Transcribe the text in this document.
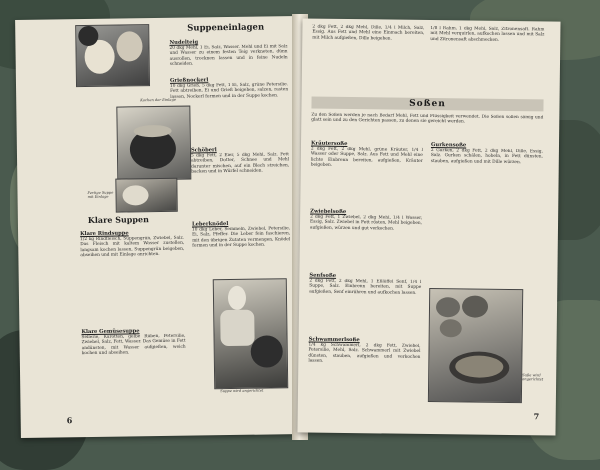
Kochen der Einlage
Fertige Suppe mit Einlage
Suppe wird angerichtet
Suppeneinlagen
Nudelteig
20 dkg Mehl, 1 Ei, Salz, Wasser. Mehl und Ei mit Salz und Wasser zu einem festen Teig verkneten, dünn ausrollen, trocknen lassen und in feine Nudeln schneiden.
Grießnockerl
10 dkg Grieß, 5 dkg Fett, 1 Ei, Salz, grüne Petersilie. Fett abtreiben, Ei und Grieß beigeben, salzen, rasten lassen, Nockerl formen und in der Suppe kochen.
Schöberl
5 dkg Fett, 2 Eier, 5 dkg Mehl, Salz. Fett abtreiben, Dotter, Schnee und Mehl darunter mischen, auf ein Blech streichen, backen und in Würfel schneiden.
Leberknödel
10 dkg Leber, Semmeln, Zwiebel, Petersilie, Ei, Salz, Pfeffer. Die Leber fein faschieren, mit den übrigen Zutaten vermengen, Knödel formen und in der Suppe kochen.
Klare Suppen
Klare Rindsuppe
1/2 kg Rindfleisch, Suppengrün, Zwiebel, Salz. Das Fleisch mit kaltem Wasser zustellen, langsam kochen lassen, Suppengrün beigeben, abseihen und mit Einlage anrichten.
Klare Gemüsesuppe
Sellerie, Karotten, gelbe Rüben, Petersilie, Zwiebel, Salz, Fett, Wasser. Das Gemüse in Fett andünsten, mit Wasser aufgießen, weich kochen und abseihen.
6
2 dkg Fett, 2 dkg Mehl, Dille, 1/4 l Milch, Salz, Essig. Aus Fett und Mehl eine Einmach bereiten, mit Milch aufgießen, Dille beigeben.
1/8 l Rahm, 1 dkg Mehl, Salz, Zitronensaft. Rahm mit Mehl verquirlen, aufkochen lassen und mit Salz und Zitronensaft abschmecken.
Soßen
Zu den Soßen werden je nach Bedarf Mehl, Fett und Flüssigkeit verwendet. Die Soßen sollen sämig und glatt sein und zu den Gerichten passen, zu denen sie gereicht werden.
Kräutersoße
2 dkg Fett, 2 dkg Mehl, grüne Kräuter, 1/4 l Wasser oder Suppe, Salz. Aus Fett und Mehl eine lichte Einbrenn bereiten, aufgießen, Kräuter beigeben.
Zwiebelsoße
2 dkg Fett, 1 Zwiebel, 2 dkg Mehl, 1/4 l Wasser, Essig, Salz. Zwiebel in Fett rösten, Mehl beigeben, aufgießen, würzen und gut verkochen.
Senfsoße
2 dkg Fett, 2 dkg Mehl, 1 Eßlöffel Senf, 1/4 l Suppe, Salz. Einbrenn bereiten, mit Suppe aufgießen, Senf einrühren und aufkochen lassen.
Schwammerlsoße
1/4 kg Schwammerl, 2 dkg Fett, Zwiebel, Petersilie, Mehl, Salz. Schwammerl mit Zwiebel dünsten, stauben, aufgießen und verkochen lassen.
Gurkensoße
2 Gurken, 2 dkg Fett, 2 dkg Mehl, Dille, Essig, Salz. Gurken schälen, hobeln, in Fett dünsten, stauben, aufgießen und mit Dille würzen.
Soße wird angerichtet
7
